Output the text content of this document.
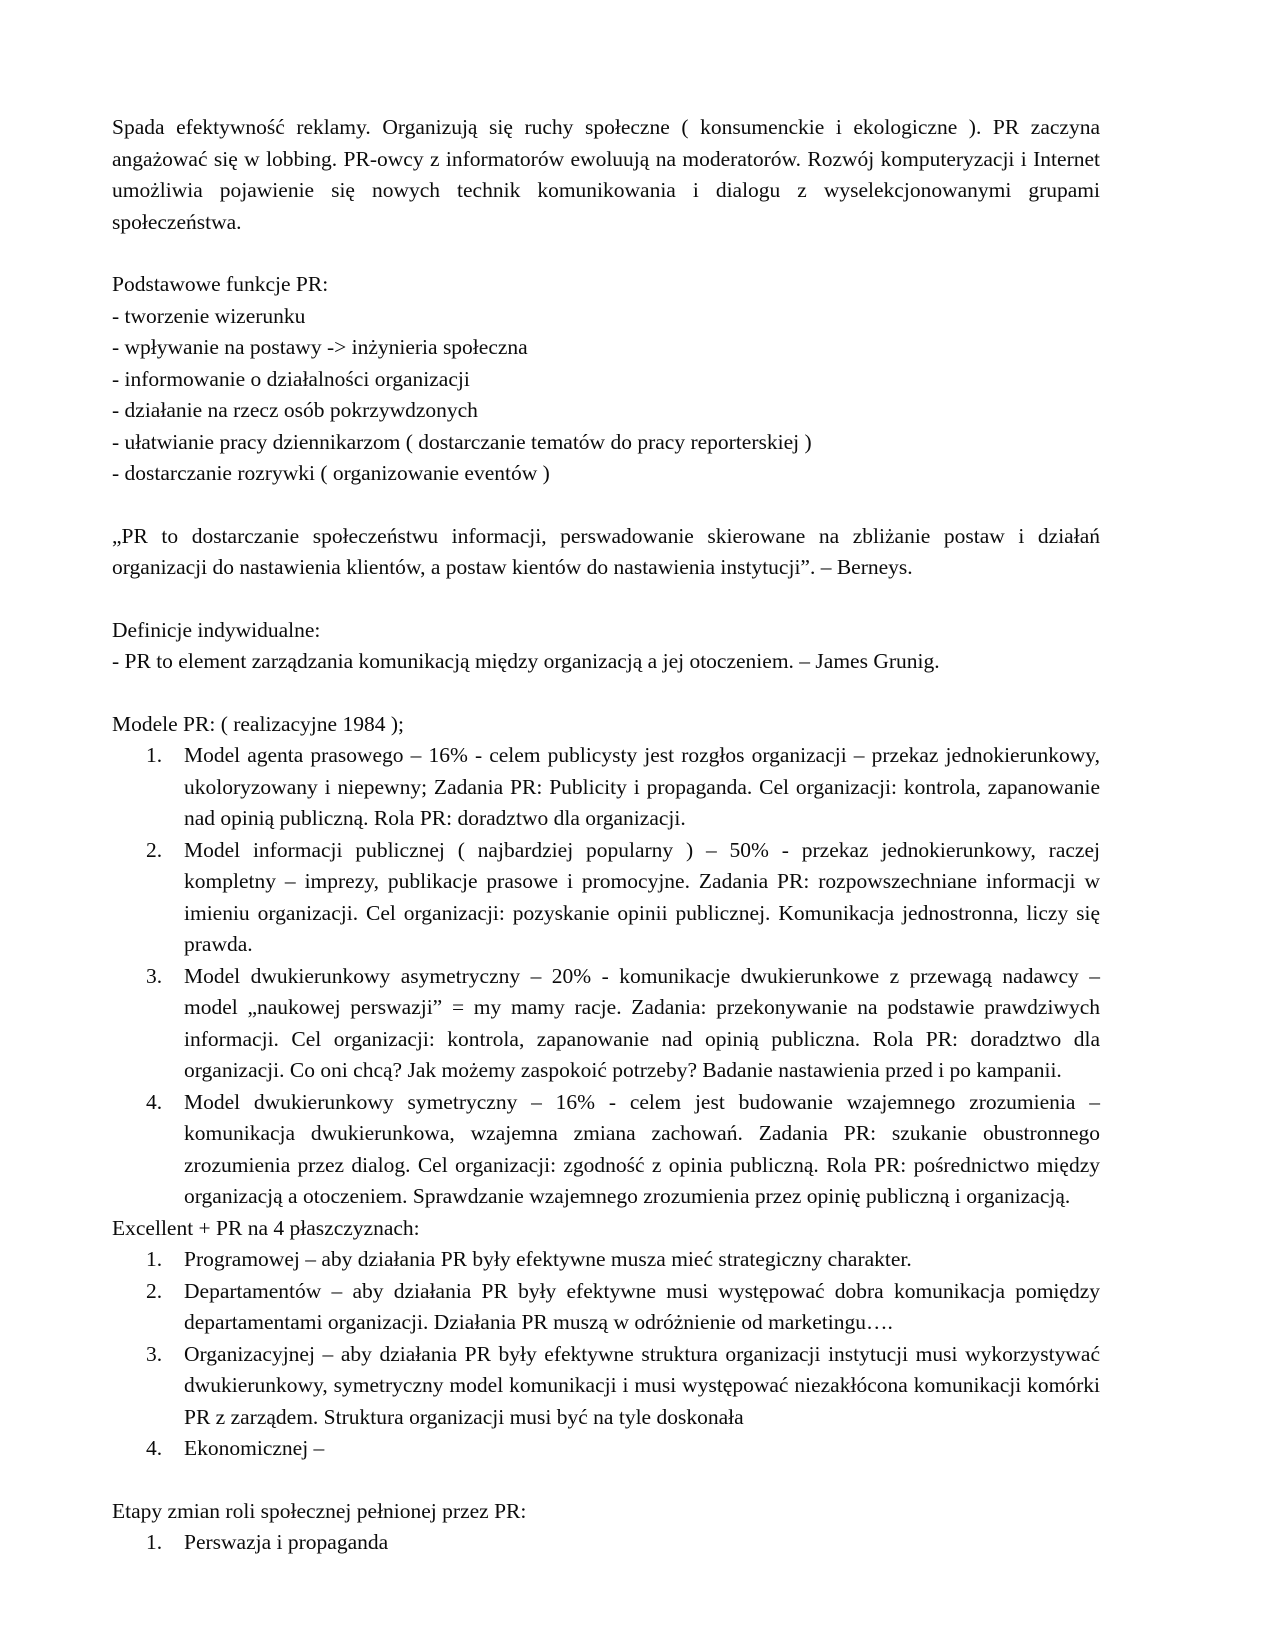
Spada efektywność reklamy. Organizują się ruchy społeczne ( konsumenckie i ekologiczne ). PR zaczyna angażować się w lobbing. PR-owcy z informatorów ewoluują na moderatorów. Rozwój komputeryzacji i Internet umożliwia pojawienie się nowych technik komunikowania i dialogu z wyselekcjonowanymi grupami społeczeństwa.

Podstawowe funkcje PR:

- tworzenie wizerunku
- wpływanie na postawy -> inżynieria społeczna
- informowanie o działalności organizacji
- działanie na rzecz osób pokrzywdzonych
- ułatwianie pracy dziennikarzom ( dostarczanie tematów do pracy reporterskiej )
- dostarczanie rozrywki ( organizowanie eventów )

„PR to dostarczanie społeczeństwu informacji, perswadowanie skierowane na zbliżanie postaw i działań organizacji do nastawienia klientów, a postaw kientów do nastawienia instytucji”. – Berneys.

Definicje indywidualne:

- PR to element zarządzania komunikacją między organizacją a jej otoczeniem. – James Grunig.

Modele PR: ( realizacyjne 1984 );

Model agenta prasowego – 16% - celem publicysty jest rozgłos organizacji – przekaz jednokierunkowy, ukoloryzowany i niepewny; Zadania PR: Publicity i propaganda. Cel organizacji: kontrola, zapanowanie nad opinią publiczną. Rola PR: doradztwo dla organizacji.
Model informacji publicznej ( najbardziej popularny ) – 50% - przekaz jednokierunkowy, raczej kompletny – imprezy, publikacje prasowe i promocyjne. Zadania PR: rozpowszechniane informacji w imieniu organizacji. Cel organizacji: pozyskanie opinii publicznej. Komunikacja jednostronna, liczy się prawda.
Model dwukierunkowy asymetryczny – 20% - komunikacje dwukierunkowe z przewagą nadawcy – model „naukowej perswazji” = my mamy racje. Zadania: przekonywanie na podstawie prawdziwych informacji. Cel organizacji: kontrola, zapanowanie nad opinią publiczna. Rola PR: doradztwo dla organizacji. Co oni chcą? Jak możemy zaspokoić potrzeby? Badanie nastawienia przed i po kampanii.
Model dwukierunkowy symetryczny – 16% - celem jest budowanie wzajemnego zrozumienia – komunikacja dwukierunkowa, wzajemna zmiana zachowań. Zadania PR: szukanie obustronnego zrozumienia przez dialog. Cel organizacji: zgodność z opinia publiczną. Rola PR: pośrednictwo między organizacją a otoczeniem. Sprawdzanie wzajemnego zrozumienia przez opinię publiczną i organizacją.

Excellent + PR na 4 płaszczyznach:

Programowej – aby działania PR były efektywne musza mieć strategiczny charakter.
Departamentów – aby działania PR były efektywne musi występować dobra komunikacja pomiędzy departamentami organizacji. Działania PR muszą w odróżnienie od marketingu….
Organizacyjnej – aby działania PR były efektywne struktura organizacji instytucji musi wykorzystywać dwukierunkowy, symetryczny model komunikacji i musi występować niezakłócona komunikacji komórki PR z zarządem. Struktura organizacji musi być na tyle doskonała
Ekonomicznej –

Etapy zmian roli społecznej pełnionej przez PR:

Perswazja i propaganda
